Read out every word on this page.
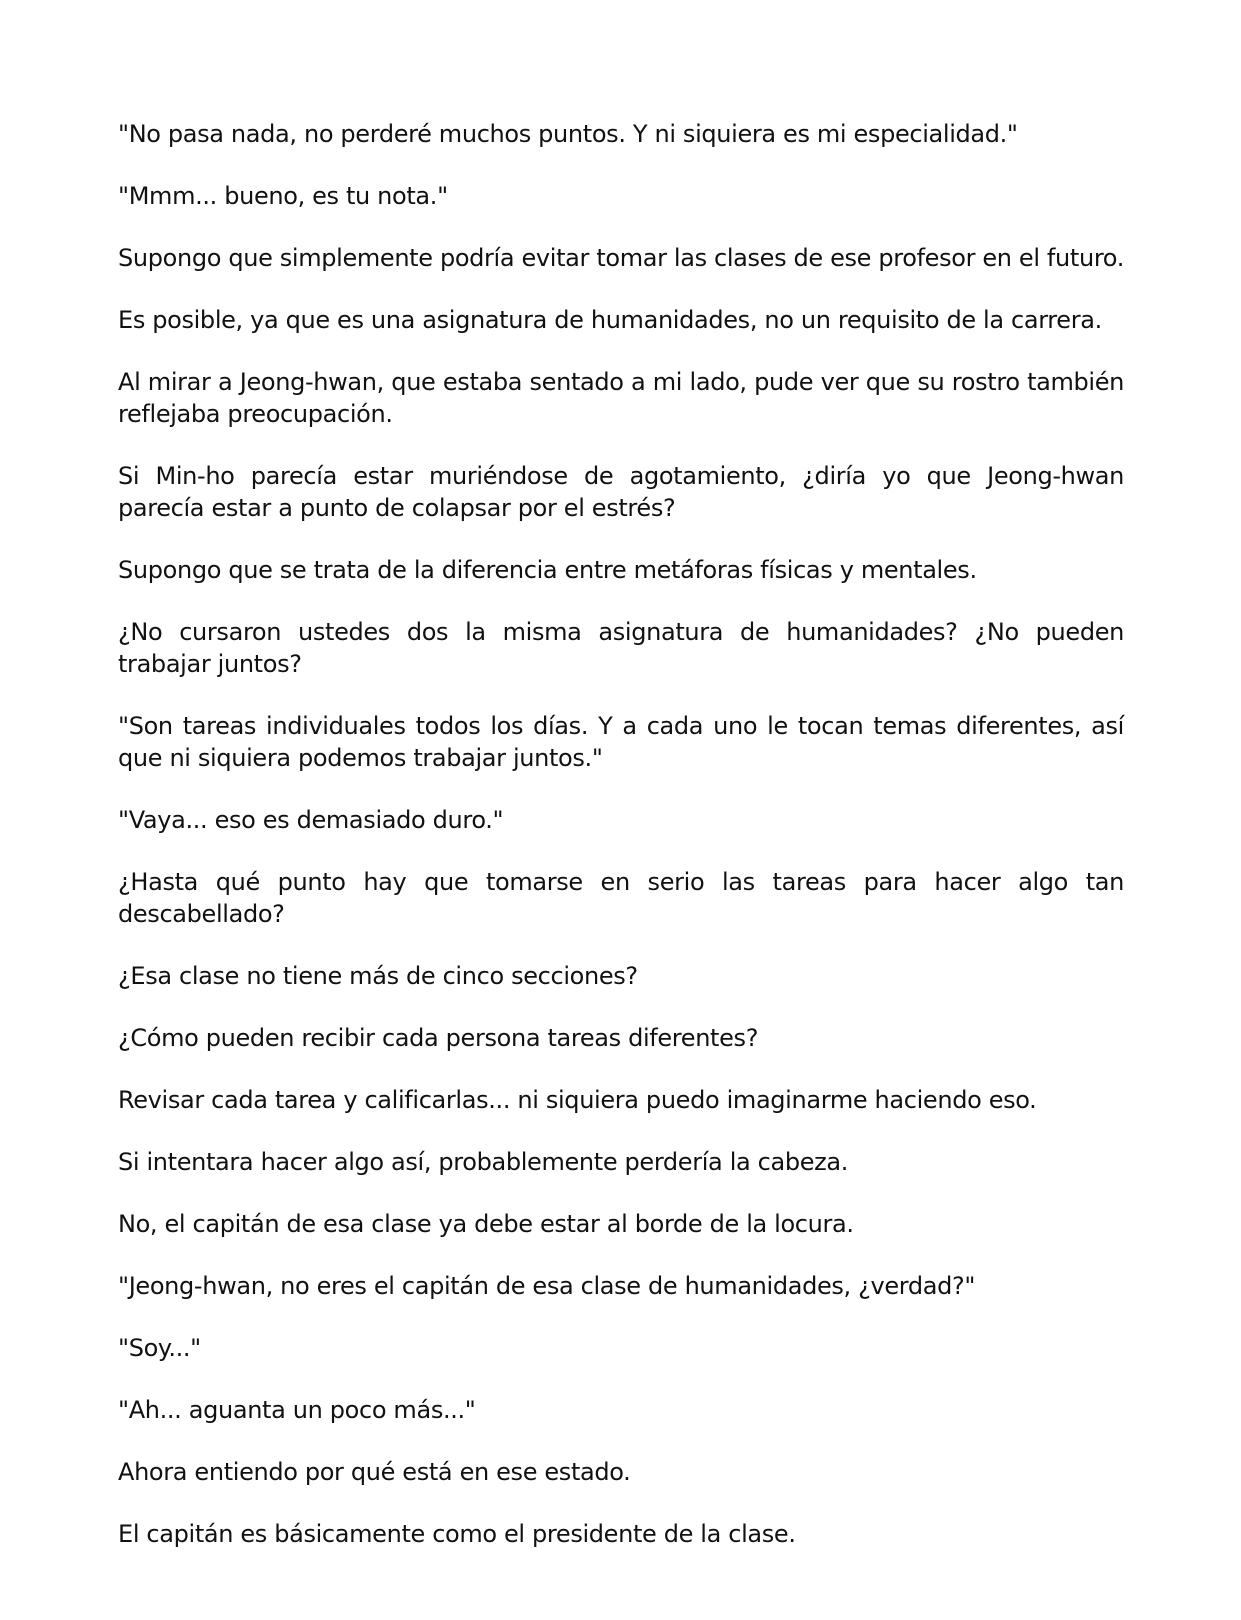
"No pasa nada, no perderé muchos puntos. Y ni siquiera es mi especialidad."

"Mmm... bueno, es tu nota."

Supongo que simplemente podría evitar tomar las clases de ese profesor en el futuro.

Es posible, ya que es una asignatura de humanidades, no un requisito de la carrera.

Al mirar a Jeong-hwan, que estaba sentado a mi lado, pude ver que su rostro también reflejaba preocupación.

Si Min-ho parecía estar muriéndose de agotamiento, ¿diría yo que Jeong-hwan parecía estar a punto de colapsar por el estrés?

Supongo que se trata de la diferencia entre metáforas físicas y mentales.

¿No cursaron ustedes dos la misma asignatura de humanidades? ¿No pueden trabajar juntos?

"Son tareas individuales todos los días. Y a cada uno le tocan temas diferentes, así que ni siquiera podemos trabajar juntos."

"Vaya... eso es demasiado duro."

¿Hasta qué punto hay que tomarse en serio las tareas para hacer algo tan descabellado?

¿Esa clase no tiene más de cinco secciones?

¿Cómo pueden recibir cada persona tareas diferentes?

Revisar cada tarea y calificarlas... ni siquiera puedo imaginarme haciendo eso.

Si intentara hacer algo así, probablemente perdería la cabeza.

No, el capitán de esa clase ya debe estar al borde de la locura.

"Jeong-hwan, no eres el capitán de esa clase de humanidades, ¿verdad?"

"Soy..."

"Ah... aguanta un poco más..."

Ahora entiendo por qué está en ese estado.

El capitán es básicamente como el presidente de la clase.
